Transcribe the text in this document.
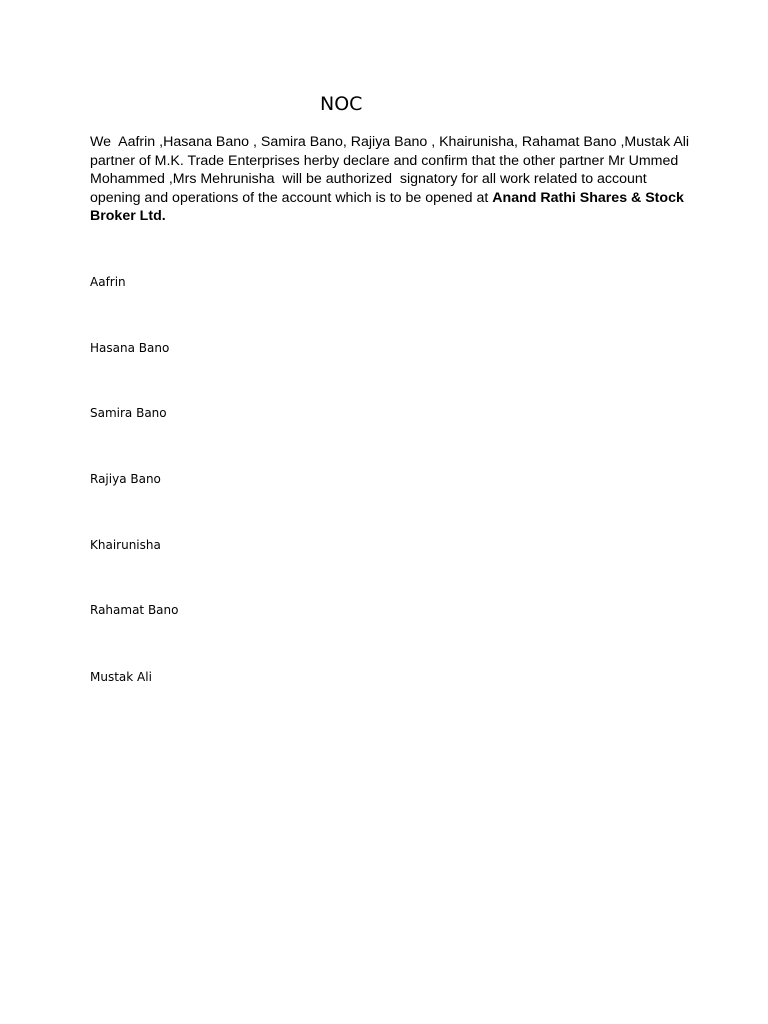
NOC
We  Aafrin ,Hasana Bano , Samira Bano, Rajiya Bano , Khairunisha, Rahamat Bano ,Mustak Ali
partner of M.K. Trade Enterprises herby declare and confirm that the other partner Mr Ummed
Mohammed ,Mrs Mehrunisha  will be authorized  signatory for all work related to account
opening and operations of the account which is to be opened at Anand Rathi Shares & Stock
Broker Ltd.
Aafrin
Hasana Bano
Samira Bano
Rajiya Bano
Khairunisha
Rahamat Bano
Mustak Ali
